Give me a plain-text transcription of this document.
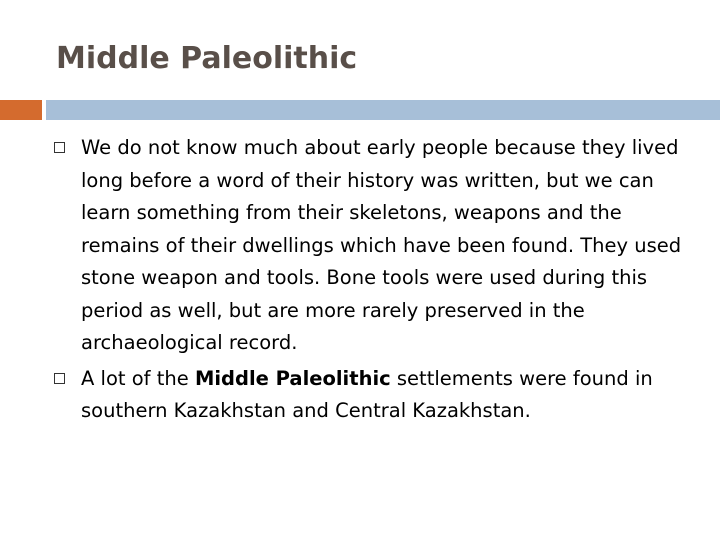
Middle Paleolithic
We do not know much about early people because they lived long before a word of their history was written, but we can learn something from their skeletons, weapons and the remains of their dwellings which have been found. They used stone weapon and tools. Bone tools were used during this period as well, but are more rarely preserved in the archaeological record.
A lot of the Middle Paleolithic settlements were found in southern Kazakhstan and Central Kazakhstan.
